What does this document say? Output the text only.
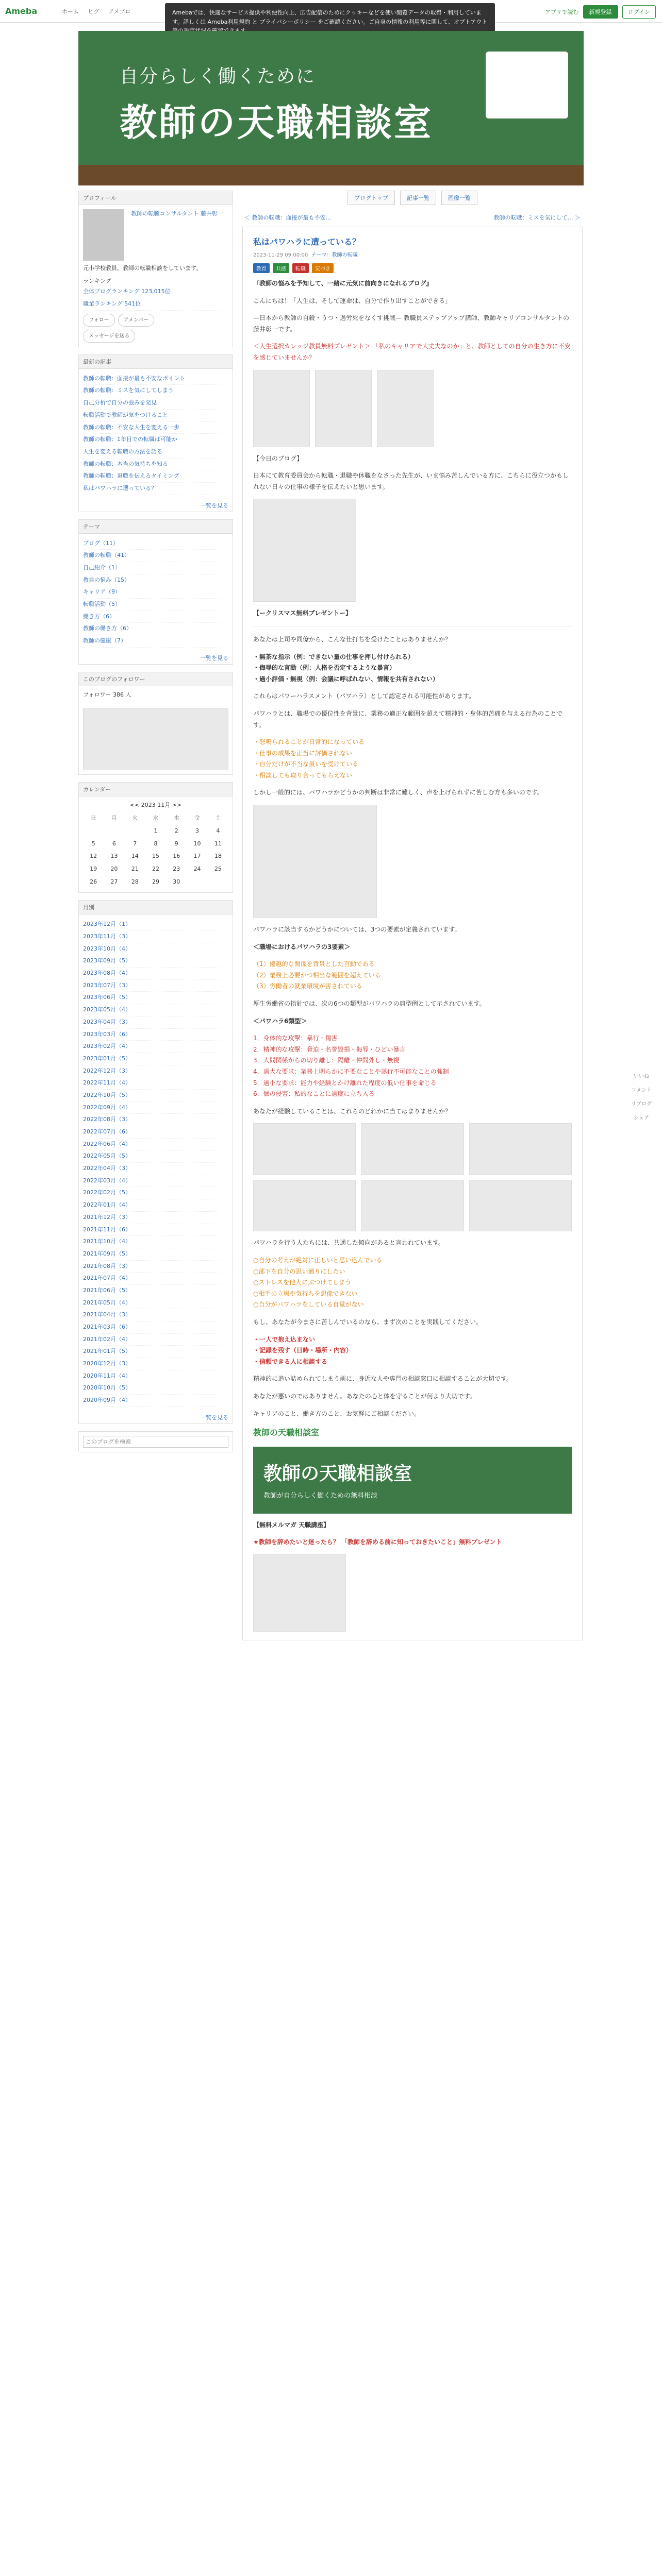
Ameba	ホーム ピグ アメブロ	アプリで読む	新規登録	ログイン
Amebaでは、快適なサービス提供や利便性向上、広告配信のためにクッキーなどを使い閲覧データの取得・利用しています。詳しくは Ameba利用規約 と プライバシーポリシー をご確認ください。ご自身の情報の利用等に関して、オプトアウト
自分らしく働くために
教師の天職相談室
プロフィール
教師の転職コンサルタント 藤井彰一
元小学校教員。教師の転職相談をしています。
ランキング
全体ブログランキング 123,015位
職業ランキング 541位
フォロー	アメンバー
メッセージを送る
最新の記事
教師の転職：面接が最も不安なポイント
教師の転職：ミスを気にしてしまう
自己分析で自分の強みを発見
転職活動で教師が気をつけること
教師の転職：不安な人生を変える一歩
教師の転職：1年目での転職は可能か
人生を変える転職の方法を語る
教師の転職：本当の気持ちを知る
教師の転職：退職を伝えるタイミング
私はパワハラに遭っている？
一覧を見る
テーマ
ブログ（11）
教師の転職（41）
自己紹介（1）
教員の悩み（15）
キャリア（9）
転職活動（5）
働き方（6）
教師の働き方（6）
教師の健康（7）
一覧を見る
このブログのフォロワー
フォロワー 386 人
カレンダー
<< 2023 11月 >>
日	月	火	水	木	金	土
			1	2	3	4
5	6	7	8	9	10	11
12	13	14	15	16	17	18
19	20	21	22	23	24	25
26	27	28	29	30		
月別
2023年12月（1）
2023年11月（3）
2023年10月（4）
2023年09月（5）
2023年08月（4）
2023年07月（3）
2023年06月（5）
2023年05月（4）
2023年04月（3）
2023年03月（6）
2023年02月（4）
2023年01月（5）
2022年12月（3）
2022年11月（4）
2022年10月（5）
2022年09月（4）
2022年08月（3）
2022年07月（6）
2022年06月（4）
2022年05月（5）
2022年04月（3）
2022年03月（4）
2022年02月（5）
2022年01月（4）
2021年12月（3）
2021年11月（6）
2021年10月（4）
2021年09月（5）
2021年08月（3）
2021年07月（4）
2021年06月（5）
2021年05月（4）
2021年04月（3）
2021年03月（6）
2021年02月（4）
2021年01月（5）
2020年12月（3）
2020年11月（4）
2020年10月（5）
2020年09月（4）
一覧を見る
このブログを検索
ブログトップ	記事一覧	画像一覧
＜ 教師の転職：面接が最も不安…	教師の転職：ミスを気にして… ＞
私はパワハラに遭っている？
2023-11-29 09:00:00 テーマ：教師の転職
教育	共感	転職	気づき
『教師の悩みを予知して、一緒に元気に前向きになれるブログ』
こんにちは！「人生は、そして運命は、自分で作り出すことができる」
—日本から教師の自殺・うつ・過労死をなくす挑戦— 教職員ステップアップ講師、教師キャリアコンサルタントの藤井彰一です。
＜人生選択カレッジ教員無料プレゼント＞ 「私のキャリアで大丈夫なのか」と、教師としての自分の生き方に不安を感じていませんか？
【今日のブログ】
日本にて教育委員会から転職・退職や休職をなさった先生が、いま悩み苦しんでいる方に、こちらに役立つかもしれない日々の仕事の様子を伝えたいと思います。
【ークリスマス無料プレゼントー】
あなたは上司や同僚から、こんな仕打ちを受けたことはありませんか？
・無茶な指示（例：できない量の仕事を押し付けられる）
・侮辱的な言動（例：人格を否定するような暴言）
・過小評価・無視（例：会議に呼ばれない、情報を共有されない）
これらはパワーハラスメント（パワハラ）として認定される可能性があります。
パワハラとは、職場での優位性を背景に、業務の適正な範囲を超えて精神的・身体的苦痛を与える行為のことです。
・怒鳴られることが日常的になっている
・仕事の成果を正当に評価されない
・自分だけが不当な扱いを受けている
・相談しても取り合ってもらえない
しかし一般的には、パワハラかどうかの判断は非常に難しく、声を上げられずに苦しむ方も多いのです。
パワハラに該当するかどうかについては、3つの要素が定義されています。
＜職場におけるパワハラの3要素＞
（1）優越的な関係を背景とした言動である
（2）業務上必要かつ相当な範囲を超えている
（3）労働者の就業環境が害されている
厚生労働省の指針では、次の6つの類型がパワハラの典型例として示されています。
＜パワハラ6類型＞
1．身体的な攻撃：暴行・傷害
2．精神的な攻撃：脅迫・名誉毀損・侮辱・ひどい暴言
3．人間関係からの切り離し：隔離・仲間外し・無視
4．過大な要求：業務上明らかに不要なことや遂行不可能なことの強制
5．過小な要求：能力や経験とかけ離れた程度の低い仕事を命じる
6．個の侵害：私的なことに過度に立ち入る
あなたが経験していることは、これらのどれかに当てはまりませんか？
パワハラを行う人たちには、共通した傾向があると言われています。
○自分の考えが絶対に正しいと思い込んでいる
○部下を自分の思い通りにしたい
○ストレスを他人にぶつけてしまう
○相手の立場や気持ちを想像できない
○自分がパワハラをしている自覚がない
もし、あなたが今まさに苦しんでいるのなら、まず次のことを実践してください。
・一人で抱え込まない
・記録を残す（日時・場所・内容）
・信頼できる人に相談する
精神的に追い詰められてしまう前に、身近な人や専門の相談窓口に相談することが大切です。
あなたが悪いのではありません。あなたの心と体を守ることが何より大切です。
キャリアのこと、働き方のこと、お気軽にご相談ください。
教師の天職相談室
教師の天職相談室
教師が自分らしく働くための無料相談
【無料メルマガ 天職講座】
★教師を辞めたいと迷ったら？ 「教師を辞める前に知っておきたいこと」無料プレゼント
いいね
コメント
リブログ
シェア
